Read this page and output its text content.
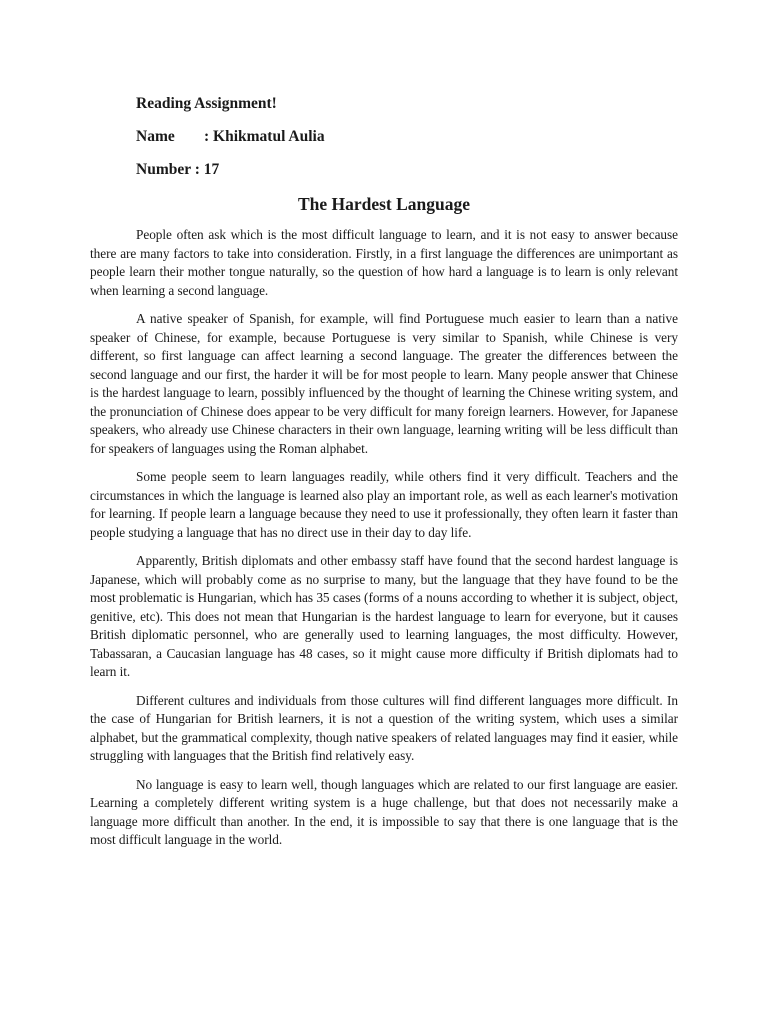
Reading Assignment!
Name : Khikmatul Aulia
Number : 17
The Hardest Language

People often ask which is the most difficult language to learn, and it is not easy to answer because there are many factors to take into consideration. Firstly, in a first language the differences are unimportant as people learn their mother tongue naturally, so the question of how hard a language is to learn is only relevant when learning a second language.

A native speaker of Spanish, for example, will find Portuguese much easier to learn than a native speaker of Chinese, for example, because Portuguese is very similar to Spanish, while Chinese is very different, so first language can affect learning a second language. The greater the differences between the second language and our first, the harder it will be for most people to learn. Many people answer that Chinese is the hardest language to learn, possibly influenced by the thought of learning the Chinese writing system, and the pronunciation of Chinese does appear to be very difficult for many foreign learners. However, for Japanese speakers, who already use Chinese characters in their own language, learning writing will be less difficult than for speakers of languages using the Roman alphabet.

Some people seem to learn languages readily, while others find it very difficult. Teachers and the circumstances in which the language is learned also play an important role, as well as each learner's motivation for learning. If people learn a language because they need to use it professionally, they often learn it faster than people studying a language that has no direct use in their day to day life.

Apparently, British diplomats and other embassy staff have found that the second hardest language is Japanese, which will probably come as no surprise to many, but the language that they have found to be the most problematic is Hungarian, which has 35 cases (forms of a nouns according to whether it is subject, object, genitive, etc). This does not mean that Hungarian is the hardest language to learn for everyone, but it causes British diplomatic personnel, who are generally used to learning languages, the most difficulty. However, Tabassaran, a Caucasian language has 48 cases, so it might cause more difficulty if British diplomats had to learn it.

Different cultures and individuals from those cultures will find different languages more difficult. In the case of Hungarian for British learners, it is not a question of the writing system, which uses a similar alphabet, but the grammatical complexity, though native speakers of related languages may find it easier, while struggling with languages that the British find relatively easy.

No language is easy to learn well, though languages which are related to our first language are easier. Learning a completely different writing system is a huge challenge, but that does not necessarily make a language more difficult than another. In the end, it is impossible to say that there is one language that is the most difficult language in the world.
